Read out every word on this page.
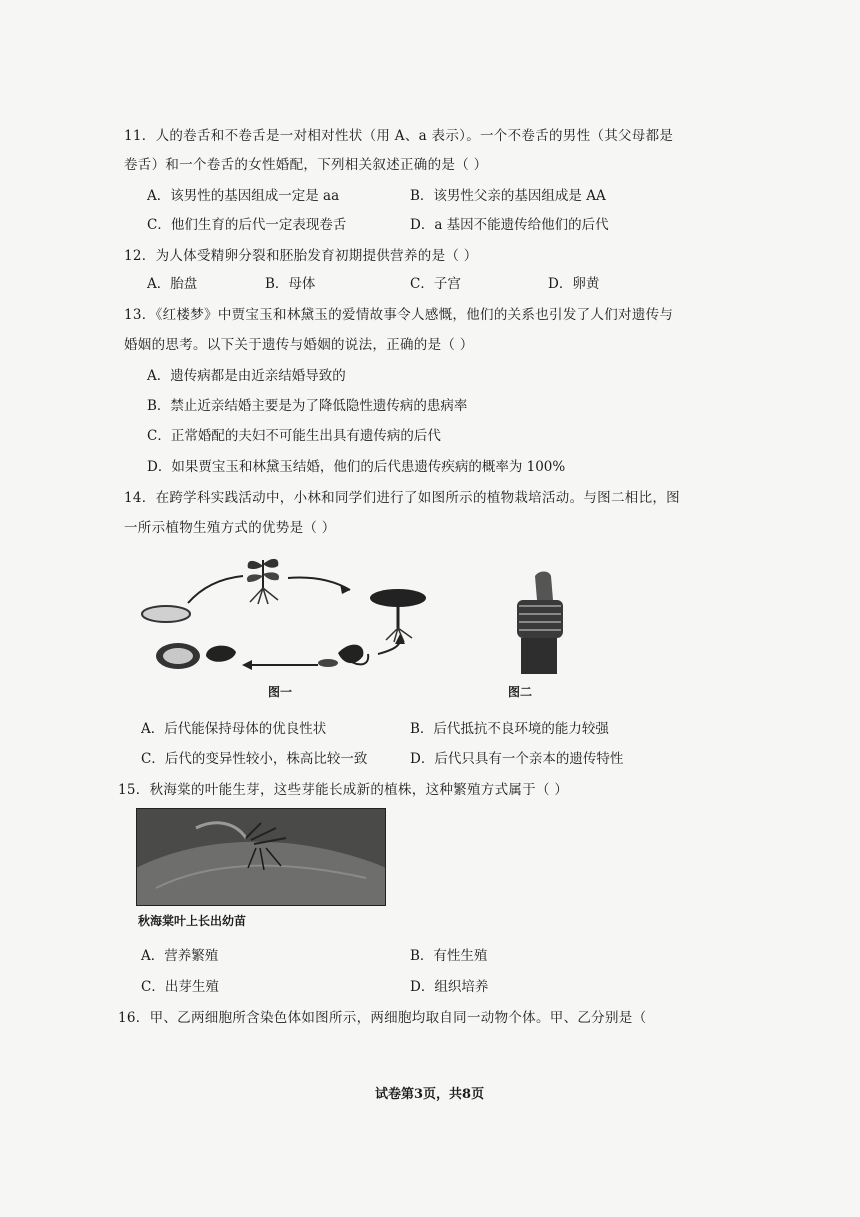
11．人的卷舌和不卷舌是一对相对性状（用 A、a 表示）。一个不卷舌的男性（其父母都是
卷舌）和一个卷舌的女性婚配，下列相关叙述正确的是（ ）
A．该男性的基因组成一定是 aa	B．该男性父亲的基因组成是 AA
C．他们生育的后代一定表现卷舌	D．a 基因不能遗传给他们的后代
12．为人体受精卵分裂和胚胎发育初期提供营养的是（ ）
A．胎盘	B．母体	C．子宫	D．卵黄
13．《红楼梦》中贾宝玉和林黛玉的爱情故事令人感慨，他们的关系也引发了人们对遗传与
婚姻的思考。以下关于遗传与婚姻的说法，正确的是（ ）
A．遗传病都是由近亲结婚导致的
B．禁止近亲结婚主要是为了降低隐性遗传病的患病率
C．正常婚配的夫妇不可能生出具有遗传病的后代
D．如果贾宝玉和林黛玉结婚，他们的后代患遗传疾病的概率为 100%
14．在跨学科实践活动中，小林和同学们进行了如图所示的植物栽培活动。与图二相比，图
一所示植物生殖方式的优势是（ ）
图一	图二
A．后代能保持母体的优良性状	B．后代抵抗不良环境的能力较强
C．后代的变异性较小，株高比较一致	D．后代只具有一个亲本的遗传特性
15．秋海棠的叶能生芽，这些芽能长成新的植株，这种繁殖方式属于（ ）
秋海棠叶上长出幼苗
A．营养繁殖	B．有性生殖
C．出芽生殖	D．组织培养
16．甲、乙两细胞所含染色体如图所示，两细胞均取自同一动物个体。甲、乙分别是（
试卷第3页，共8页
